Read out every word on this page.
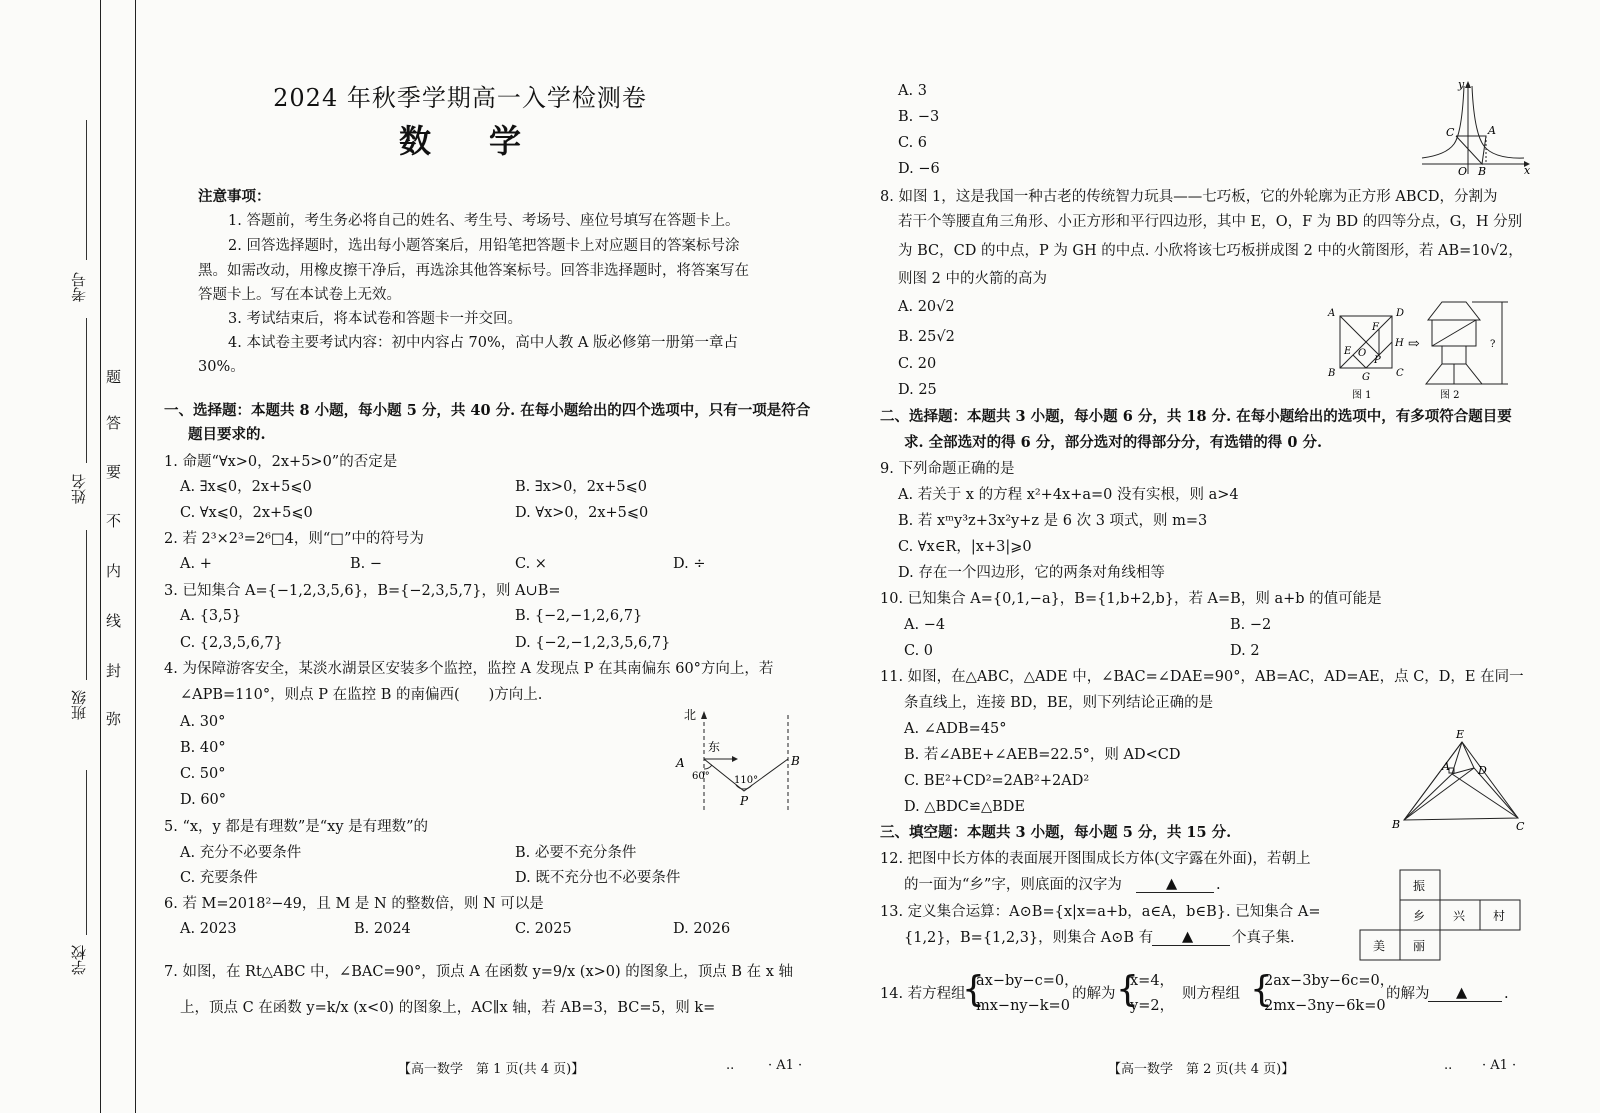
题
答
要
不
内
线
封
弥
考号
姓名
班级
学校
2024 年秋季学期高一入学检测卷
数学
注意事项：
1. 答题前，考生务必将自己的姓名、考生号、考场号、座位号填写在答题卡上。
2. 回答选择题时，选出每小题答案后，用铅笔把答题卡上对应题目的答案标号涂
黑。如需改动，用橡皮擦干净后，再选涂其他答案标号。回答非选择题时，将答案写在
答题卡上。写在本试卷上无效。
3. 考试结束后，将本试卷和答题卡一并交回。
4. 本试卷主要考试内容：初中内容占 70%，高中人教 A 版必修第一册第一章占
30%。
一、选择题：本题共 8 小题，每小题 5 分，共 40 分. 在每小题给出的四个选项中，只有一项是符合
题目要求的.
1. 命题“∀x>0，2x+5>0”的否定是
A. ∃x⩽0，2x+5⩽0	B. ∃x>0，2x+5⩽0
C. ∀x⩽0，2x+5⩽0	D. ∀x>0，2x+5⩽0
2. 若 2³×2³=2⁶□4，则“□”中的符号为
A. +	B. −	C. ×	D. ÷
3. 已知集合 A={−1,2,3,5,6}，B={−2,3,5,7}，则 A∪B=
A. {3,5}	B. {−2,−1,2,6,7}
C. {2,3,5,6,7}	D. {−2,−1,2,3,5,6,7}
4. 为保障游客安全，某淡水湖景区安装多个监控，监控 A 发现点 P 在其南偏东 60°方向上，若
∠APB=110°，则点 P 在监控 B 的南偏西(　　)方向上.
A. 30°
B. 40°
C. 50°
D. 60°
北
东
A	B
P
60° 110°
5. “x，y 都是有理数”是“xy 是有理数”的
A. 充分不必要条件	B. 必要不充分条件
C. 充要条件	D. 既不充分也不必要条件
6. 若 M=2018²−49，且 M 是 N 的整数倍，则 N 可以是
A. 2023	B. 2024	C. 2025	D. 2026
7. 如图，在 Rt△ABC 中，∠BAC=90°，顶点 A 在函数 y=9/x (x>0) 的图象上，顶点 B 在 x 轴
上，顶点 C 在函数 y=k/x (x<0) 的图象上，AC∥x 轴，若 AB=3，BC=5，则 k=
【高一数学　第 1 页(共 4 页)】	..	· A1 ·
A. 3
B. −3
C. 6
D. −6
y
x
O
A
B
C
8. 如图 1，这是我国一种古老的传统智力玩具——七巧板，它的外轮廓为正方形 ABCD，分割为
若干个等腰直角三角形、小正方形和平行四边形，其中 E，O，F 为 BD 的四等分点，G，H 分别
为 BC，CD 的中点，P 为 GH 的中点. 小欣将该七巧板拼成图 2 中的火箭图形，若 AB=10√2，
则图 2 中的火箭的高为
A. 20√2
B. 25√2
C. 20
D. 25
A
B	C
D
E
F
O
P
G
H
图 1
⇨	?
图 2
二、选择题：本题共 3 小题，每小题 6 分，共 18 分. 在每小题给出的选项中，有多项符合题目要
求. 全部选对的得 6 分，部分选对的得部分分，有选错的得 0 分.
9. 下列命题正确的是
A. 若关于 x 的方程 x²+4x+a=0 没有实根，则 a>4
B. 若 xᵐy³z+3x²y+z 是 6 次 3 项式，则 m=3
C. ∀x∈R，|x+3|⩾0
D. 存在一个四边形，它的两条对角线相等
10. 已知集合 A={0,1,−a}，B={1,b+2,b}，若 A=B，则 a+b 的值可能是
A. −4	B. −2
C. 0	D. 2
11. 如图，在△ABC，△ADE 中，∠BAC=∠DAE=90°，AB=AC，AD=AE，点 C，D，E 在同一
条直线上，连接 BD，BE，则下列结论正确的是
A. ∠ADB=45°
B. 若∠ABE+∠AEB=22.5°，则 AD<CD
C. BE²+CD²=2AB²+2AD²
D. △BDC≌△BDE
E
A	D
B	C
三、填空题：本题共 3 小题，每小题 5 分，共 15 分.
12. 把图中长方体的表面展开图围成长方体(文字露在外面)，若朝上
的一面为“乡”字，则底面的汉字为	▲	.	振
乡 兴 村
美 丽
13. 定义集合运算：A⊙B={x|x=a+b，a∈A，b∈B}. 已知集合 A=
{1,2}，B={1,2,3}，则集合 A⊙B 有 ▲	个真子集.
14. 若方程组
{
ax−by−c=0，
mx−ny−k=0
的解为 {
x=4，
y=2，
则方程组 {
2ax−3by−6c=0，
2mx−3ny−6k=0
的解为 ▲	.
【高一数学　第 2 页(共 4 页)】	.. · A1 ·
